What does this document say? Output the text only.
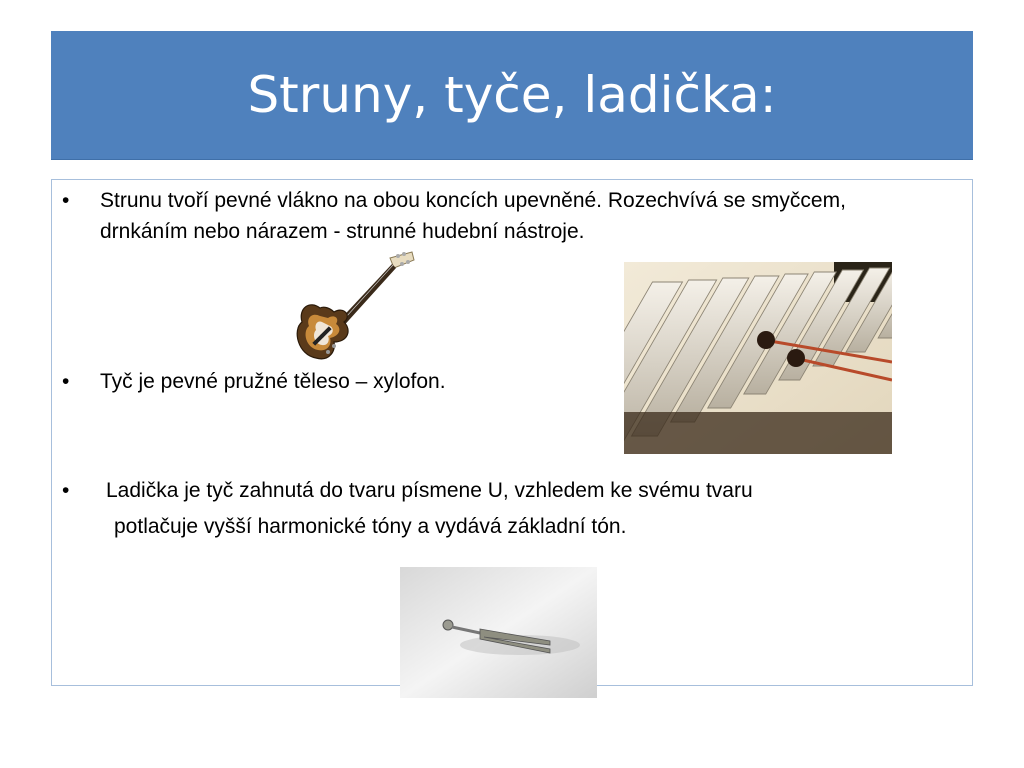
Struny, tyče, ladička:
•	Strunu tvoří pevné vlákno na obou koncích upevněné. Rozechvívá se smyčcem, drnkáním nebo nárazem - strunné hudební nástroje.
•	Tyč je pevné pružné těleso – xylofon.
•	Ladička je tyč zahnutá do tvaru písmene U, vzhledem ke svému tvaru
potlačuje vyšší harmonické tóny a vydává základní tón.
